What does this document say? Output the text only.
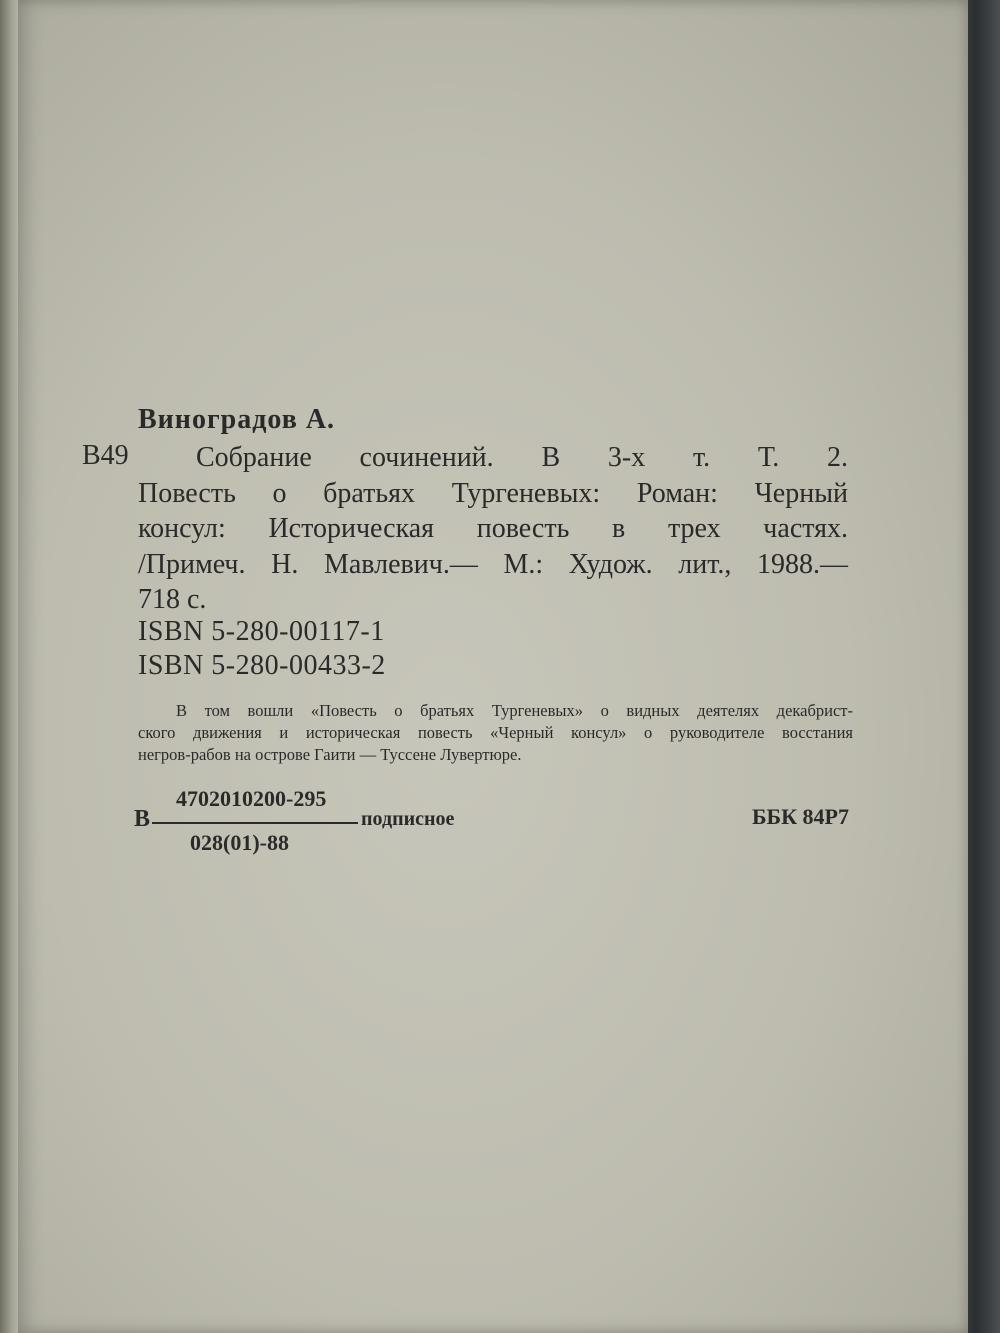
Виноградов А.
В49	Собрание сочинений. В 3-х т. Т. 2.
Повесть о братьях Тургеневых: Роман: Черный
консул: Историческая повесть в трех частях.
/Примеч. Н. Мавлевич.— М.: Худож. лит., 1988.—
718 с.
ISBN 5-280-00117-1
ISBN 5-280-00433-2
В том вошли «Повесть о братьях Тургеневых» о видных деятелях декабрист-
ского движения и историческая повесть «Черный консул» о руководителе восстания
негров-рабов на острове Гаити — Туссене Лувертюре.
В
4702010200-295
028(01)-88
подписное	ББК 84Р7
